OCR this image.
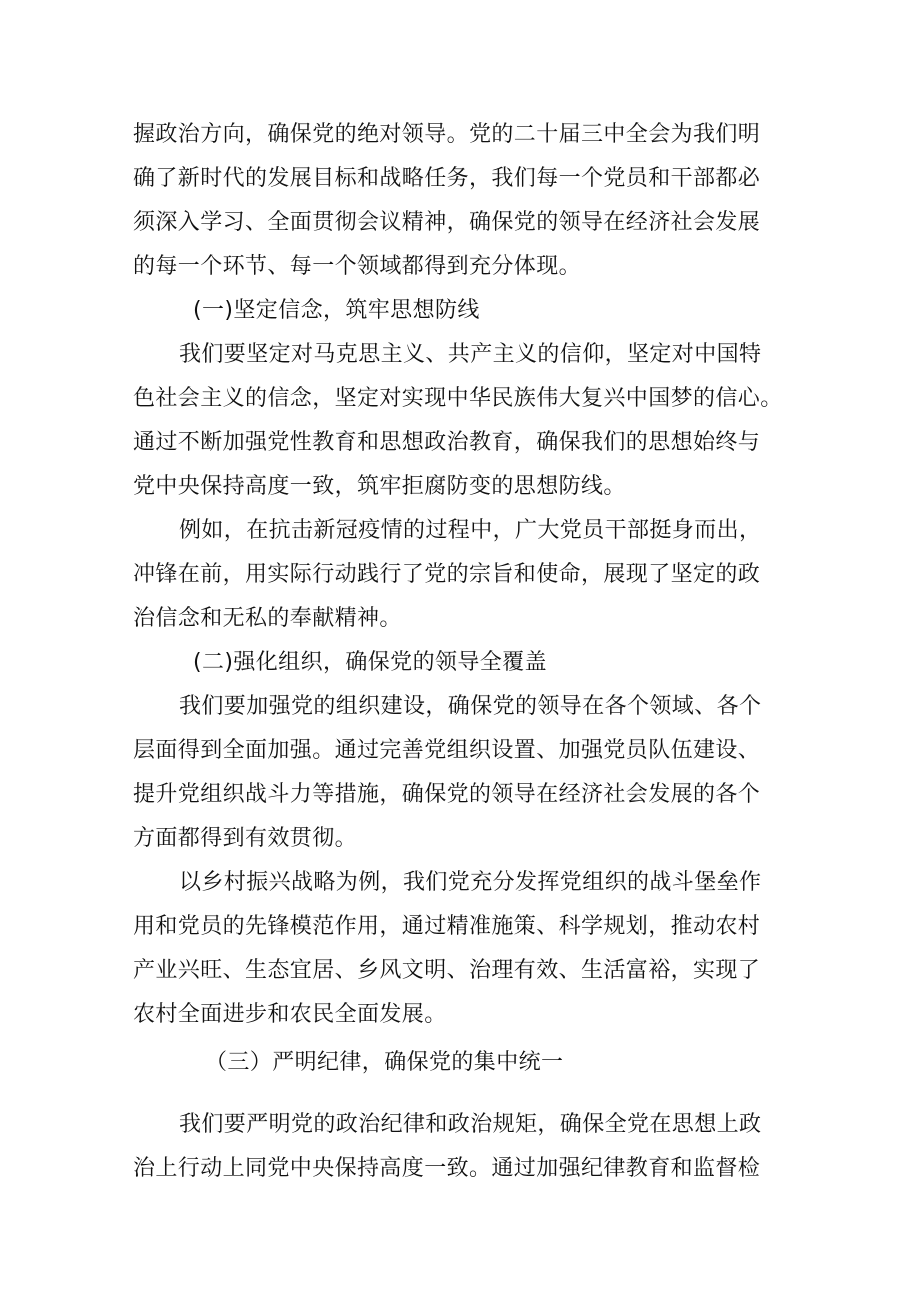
握政治方向，确保党的绝对领导。党的二十届三中全会为我们明
确了新时代的发展目标和战略任务，我们每一个党员和干部都必
须深入学习、全面贯彻会议精神，确保党的领导在经济社会发展
的每一个环节、每一个领域都得到充分体现。
(一)坚定信念，筑牢思想防线
我们要坚定对马克思主义、共产主义的信仰，坚定对中国特
色社会主义的信念，坚定对实现中华民族伟大复兴中国梦的信心。
通过不断加强党性教育和思想政治教育，确保我们的思想始终与
党中央保持高度一致，筑牢拒腐防变的思想防线。
例如，在抗击新冠疫情的过程中，广大党员干部挺身而出，
冲锋在前，用实际行动践行了党的宗旨和使命，展现了坚定的政
治信念和无私的奉献精神。
(二)强化组织，确保党的领导全覆盖
我们要加强党的组织建设，确保党的领导在各个领域、各个
层面得到全面加强。通过完善党组织设置、加强党员队伍建设、
提升党组织战斗力等措施，确保党的领导在经济社会发展的各个
方面都得到有效贯彻。
以乡村振兴战略为例，我们党充分发挥党组织的战斗堡垒作
用和党员的先锋模范作用，通过精准施策、科学规划，推动农村
产业兴旺、生态宜居、乡风文明、治理有效、生活富裕，实现了
农村全面进步和农民全面发展。
（三）严明纪律，确保党的集中统一
我们要严明党的政治纪律和政治规矩，确保全党在思想上政
治上行动上同党中央保持高度一致。通过加强纪律教育和监督检
